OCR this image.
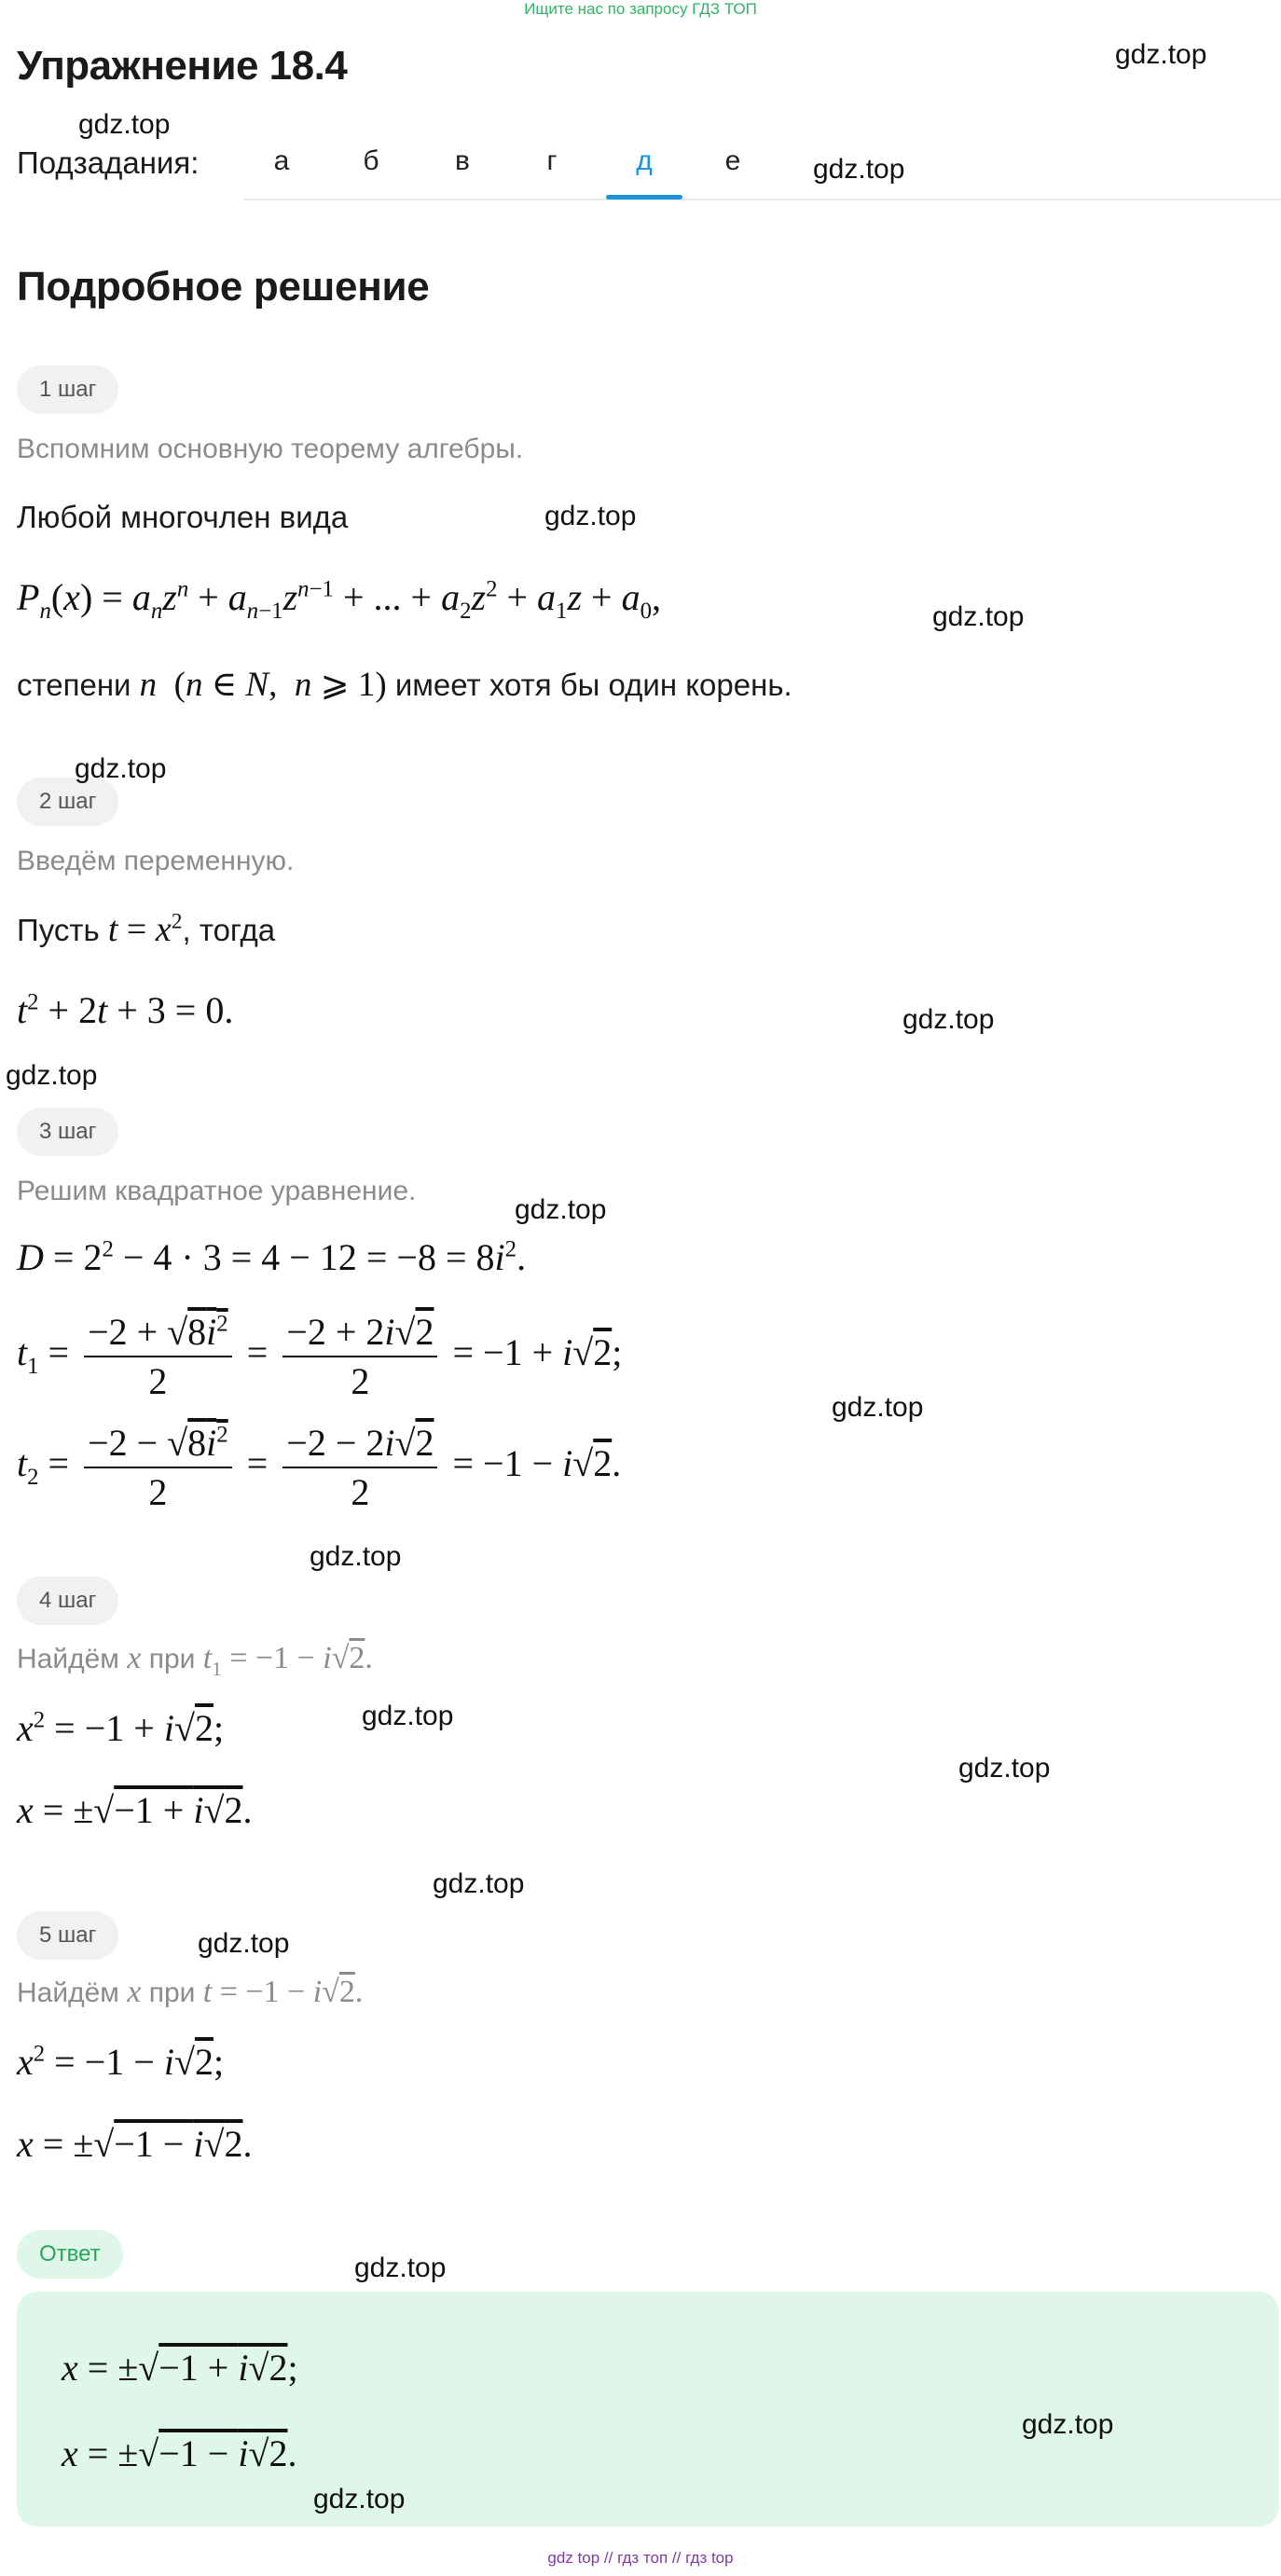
Ищите нас по запросу ГДЗ ТОП
Упражнение 18.4
Подзадания:	а	б	в	г	д	е
Подробное решение
1 шаг
Вспомним основную теорему алгебры.
Любой многочлен вида
$P_n(x) = a_nz^n + a_{n-1}z^{n-1}$ + ... + $a_2z^2 + a_1z + a_0$,
степени n  (n ∈ N,  n ⩾ 1) имеет хотя бы один корень.
2 шаг
Введём переменную.
Пусть $t = x^2$, тогда
$t^2 + 2t + 3 = 0$.
3 шаг
Решим квадратное уравнение.
$D = 2^2 - 4 \cdot 3 = 4 - 12 = -8 = 8i^2$.
$t_1 = \frac{-2 + √8i^2}{2} = \frac{-2 + 2i√2}{2} = -1 + i√2$;
$t_2 = \frac{-2 - √8i^2}{2} = \frac{-2 - 2i√2}{2} = -1 - i√2$.
4 шаг
Найдём x при $t_1 = -1 - i√2$.
$x^2 = -1 + i√2$;
x = ±√−1 + i√2.
5 шаг
Найдём x при t = −1 − i√2.
$x^2 = -1 - i√2$;
x = ±√−1 − i√2.
Ответ
x = ±√−1 + i√2;
x = ±√−1 − i√2.
gdz.top
gdz.top
gdz.top
gdz.top
gdz.top
gdz.top
gdz.top
gdz.top
gdz.top
gdz.top
gdz.top
gdz.top
gdz.top
gdz.top
gdz.top
gdz.top
gdz.top
gdz.top
gdz top // гдз топ // гдз top
